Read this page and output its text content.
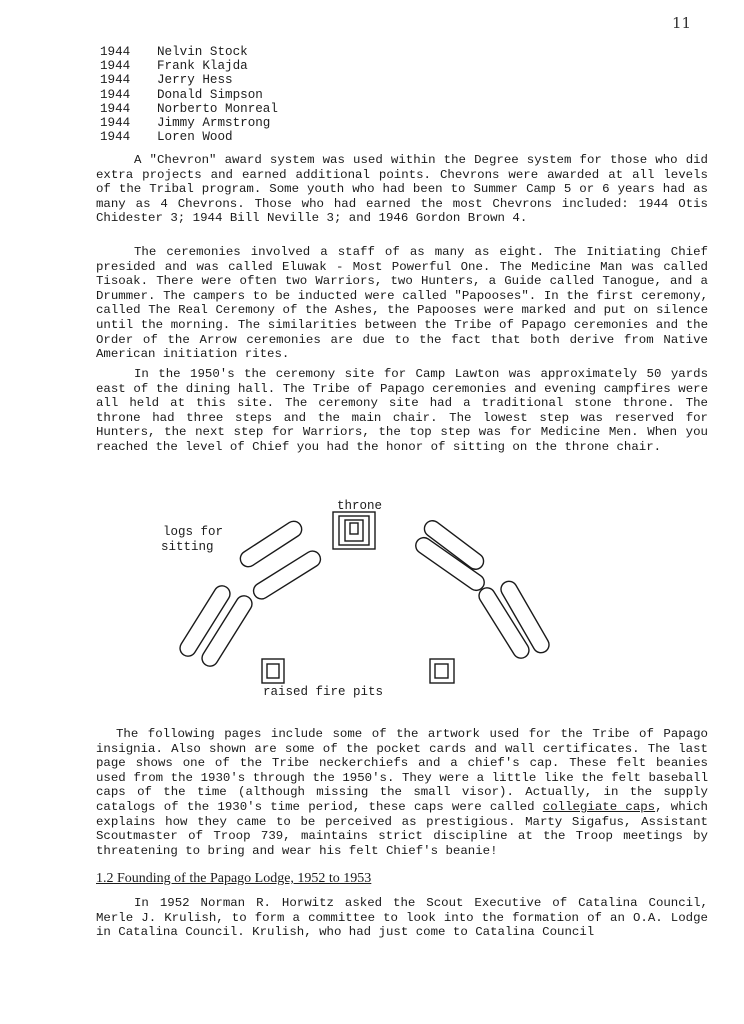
11
1944	Nelvin Stock
1944	Frank Klajda
1944	Jerry Hess
1944	Donald Simpson
1944	Norberto Monreal
1944	Jimmy Armstrong
1944	Loren Wood

A "Chevron" award system was used within the Degree system for those who did extra projects and earned additional points. Chevrons were awarded at all levels of the Tribal program. Some youth who had been to Summer Camp 5 or 6 years had as many as 4 Chevrons. Those who had earned the most Chevrons included: 1944 Otis Chidester 3; 1944 Bill Neville 3; and 1946 Gordon Brown 4.

The ceremonies involved a staff of as many as eight. The Initiating Chief presided and was called Eluwak - Most Powerful One. The Medicine Man was called Tisoak. There were often two Warriors, two Hunters, a Guide called Tanogue, and a Drummer. The campers to be inducted were called "Papooses". In the first ceremony, called The Real Ceremony of the Ashes, the Papooses were marked and put on silence until the morning. The similarities between the Tribe of Papago ceremonies and the Order of the Arrow ceremonies are due to the fact that both derive from Native American initiation rites.

In the 1950's the ceremony site for Camp Lawton was approximately 50 yards east of the dining hall. The Tribe of Papago ceremonies and evening campfires were all held at this site. The ceremony site had a traditional stone throne. The throne had three steps and the main chair. The lowest step was reserved for Hunters, the next step for Warriors, the top step was for Medicine Men. When you reached the level of Chief you had the honor of sitting on the throne chair.

throne
logs for
sitting
raised fire pits

The following pages include some of the artwork used for the Tribe of Papago insignia. Also shown are some of the pocket cards and wall certificates. The last page shows one of the Tribe neckerchiefs and a chief's cap. These felt beanies used from the 1930's through the 1950's. They were a little like the felt baseball caps of the time (although missing the small visor). Actually, in the supply catalogs of the 1930's time period, these caps were called collegiate caps, which explains how they came to be perceived as prestigious. Marty Sigafus, Assistant Scoutmaster of Troop 739, maintains strict discipline at the Troop meetings by threatening to bring and wear his felt Chief's beanie!

1.2 Founding of the Papago Lodge, 1952 to 1953

In 1952 Norman R. Horwitz asked the Scout Executive of Catalina Council, Merle J. Krulish, to form a committee to look into the formation of an O.A. Lodge in Catalina Council. Krulish, who had just come to Catalina Council
